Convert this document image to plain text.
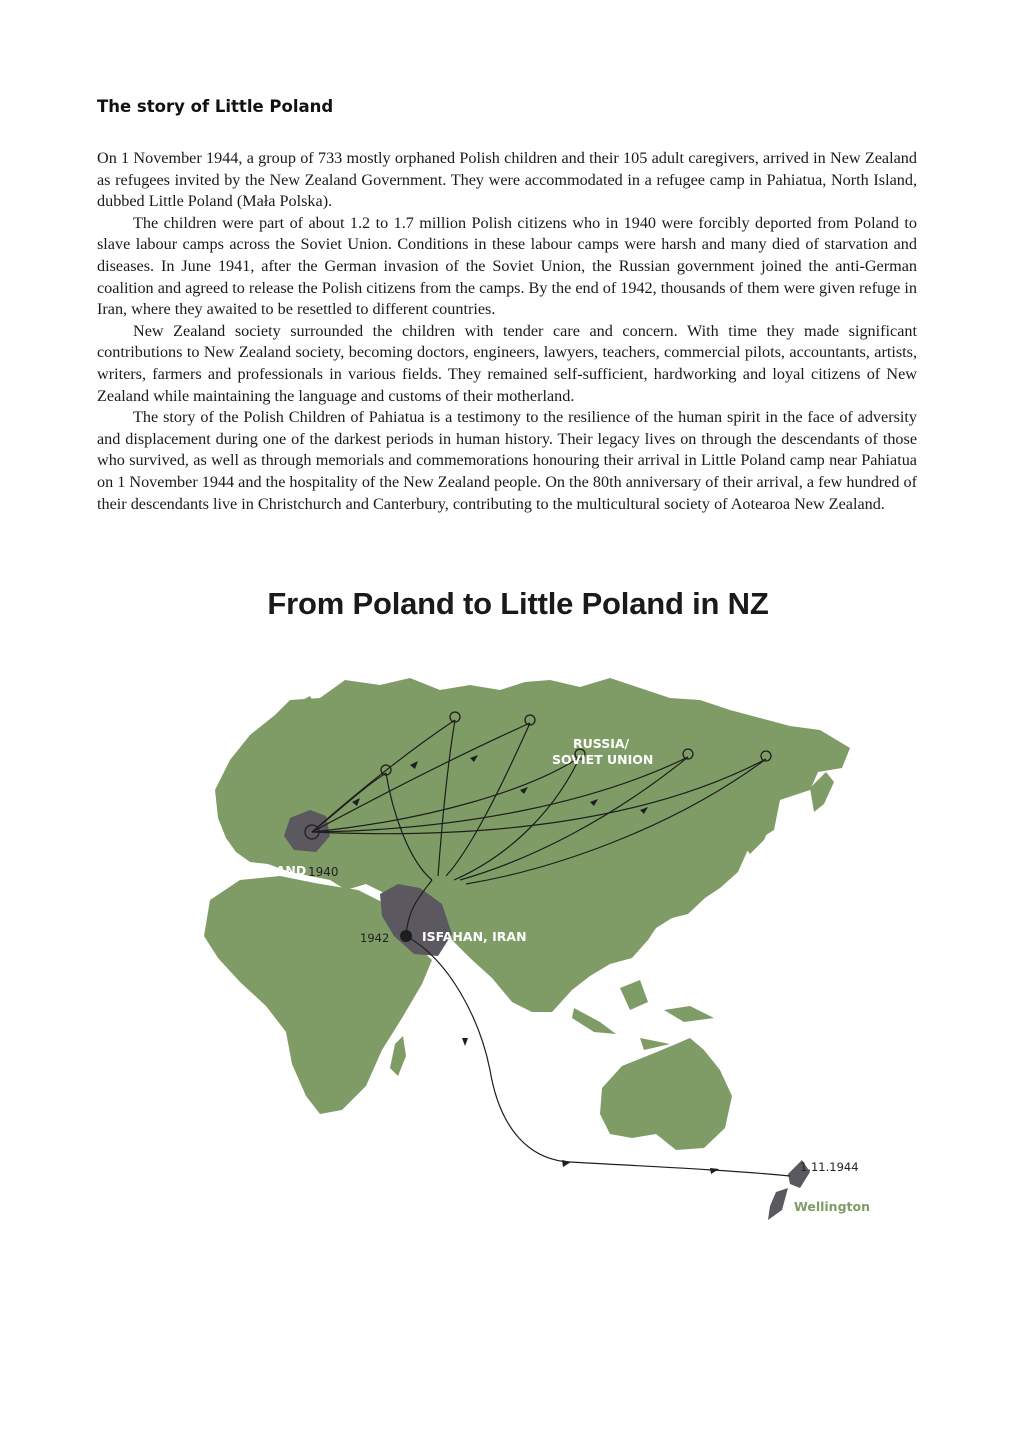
The story of Little Poland

On 1 November 1944, a group of 733 mostly orphaned Polish children and their 105 adult caregivers, arrived in New Zealand as refugees invited by the New Zealand Government. They were accommodated in a refugee camp in Pahiatua, North Island, dubbed Little Poland (Mała Polska).

The children were part of about 1.2 to 1.7 million Polish citizens who in 1940 were forcibly deported from Poland to slave labour camps across the Soviet Union. Conditions in these labour camps were harsh and many died of starvation and diseases. In June 1941, after the German invasion of the Soviet Union, the Russian government joined the anti-German coalition and agreed to release the Polish citizens from the camps. By the end of 1942, thousands of them were given refuge in Iran, where they awaited to be resettled to different countries.

New Zealand society surrounded the children with tender care and concern. With time they made significant contributions to New Zealand society, becoming doctors, engineers, lawyers, teachers, commercial pilots, accountants, artists, writers, farmers and professionals in various fields. They remained self-sufficient, hardworking and loyal citizens of New Zealand while maintaining the language and customs of their motherland.

The story of the Polish Children of Pahiatua is a testimony to the resilience of the human spirit in the face of adversity and displacement during one of the darkest periods in human history. Their legacy lives on through the descendants of those who survived, as well as through memorials and commemorations honouring their arrival in Little Poland camp near Pahiatua on 1 November 1944 and the hospitality of the New Zealand people. On the 80th anniversary of their arrival, a few hundred of their descendants live in Christchurch and Canterbury, contributing to the multicultural society of Aotearoa New Zealand.

From Poland to Little Poland in NZ
RUSSIA/
SOVIET UNION
POLAND 1940
ISFAHAN, IRAN
1942
1.11.1944
Wellington
